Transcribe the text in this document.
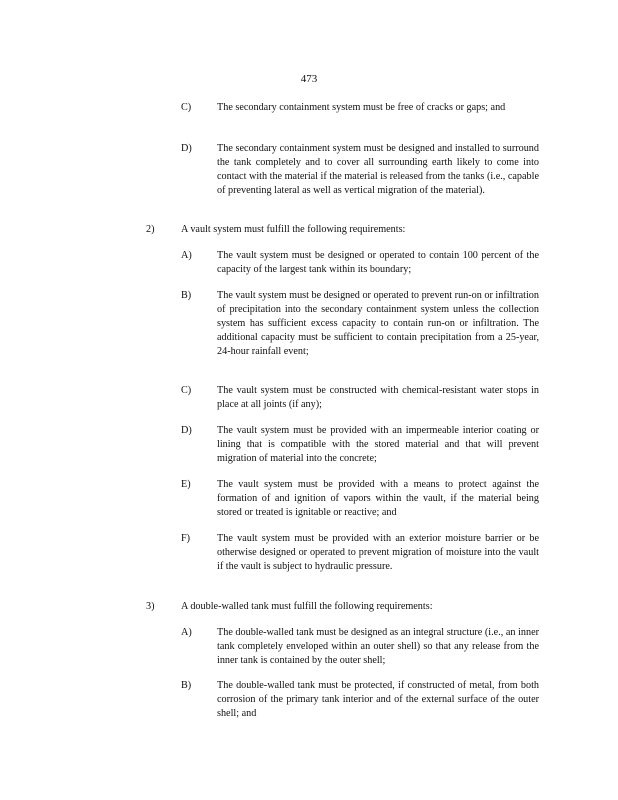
473
C)	The secondary containment system must be free of cracks or gaps; and
D) The secondary containment system must be designed and installed to surround the tank completely and to cover all surrounding earth likely to come into contact with the material if the material is released from the tanks (i.e., capable of preventing lateral as well as vertical migration of the material).
2)	A vault system must fulfill the following requirements:
A) The vault system must be designed or operated to contain 100 percent of the capacity of the largest tank within its boundary;
B)	The vault system must be designed or operated to prevent run-on or infiltration of precipitation into the secondary containment system unless the collection system has sufficient excess capacity to contain run-on or infiltration. The additional capacity must be sufficient to contain precipitation from a 25-year, 24-hour rainfall event;
C)	The vault system must be constructed with chemical-resistant water stops in place at all joints (if any);
D) The vault system must be provided with an impermeable interior coating or lining that is compatible with the stored material and that will prevent migration of material into the concrete;
E)	The vault system must be provided with a means to protect against the formation of and ignition of vapors within the vault, if the material being stored or treated is ignitable or reactive; and
F)	The vault system must be provided with an exterior moisture barrier or be otherwise designed or operated to prevent migration of moisture into the vault if the vault is subject to hydraulic pressure.
3)	A double-walled tank must fulfill the following requirements:
A) The double-walled tank must be designed as an integral structure (i.e., an inner tank completely enveloped within an outer shell) so that any release from the inner tank is contained by the outer shell;
B)	The double-walled tank must be protected, if constructed of metal, from both corrosion of the primary tank interior and of the external surface of the outer shell; and
